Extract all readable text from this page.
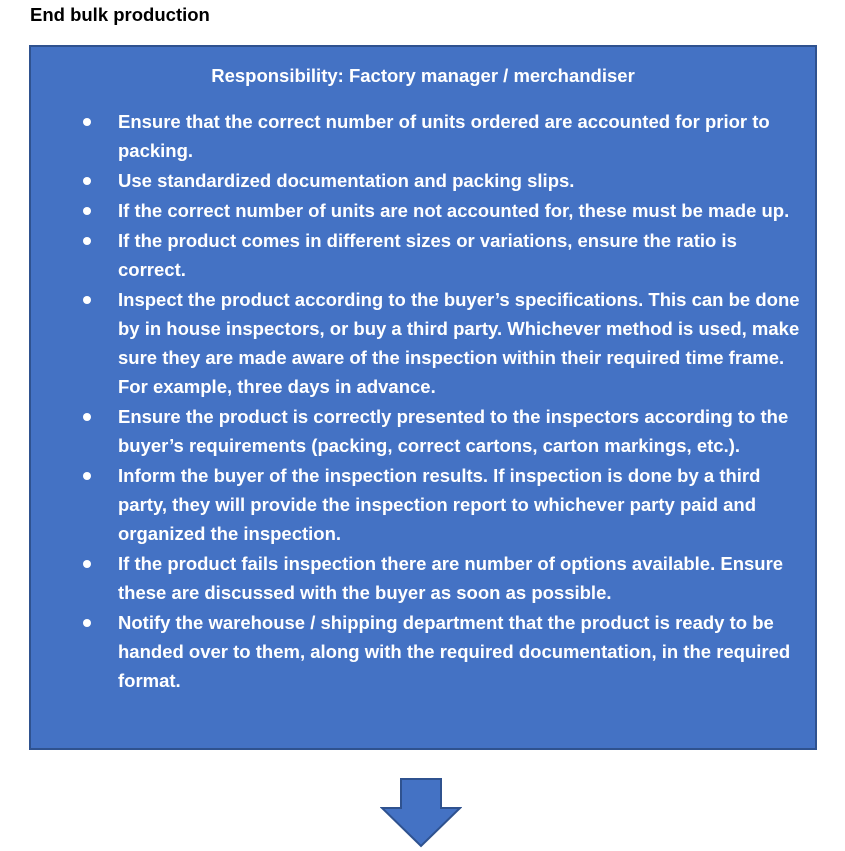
End bulk production
Responsibility: Factory manager / merchandiser
Ensure that the correct number of units ordered are accounted for prior to packing.
Use standardized documentation and packing slips.
If the correct number of units are not accounted for, these must be made up.
If the product comes in different sizes or variations, ensure the ratio is correct.
Inspect the product according to the buyer’s specifications. This can be done by in house inspectors, or buy a third party. Whichever method is used, make sure they are made aware of the inspection within their required time frame. For example, three days in advance.
Ensure the product is correctly presented to the inspectors according to the buyer’s requirements (packing, correct cartons, carton markings, etc.).
Inform the buyer of the inspection results. If inspection is done by a third party, they will provide the inspection report to whichever party paid and organized the inspection.
If the product fails inspection there are number of options available. Ensure these are discussed with the buyer as soon as possible.
Notify the warehouse / shipping department that the product is ready to be handed over to them, along with the required documentation, in the required format.
